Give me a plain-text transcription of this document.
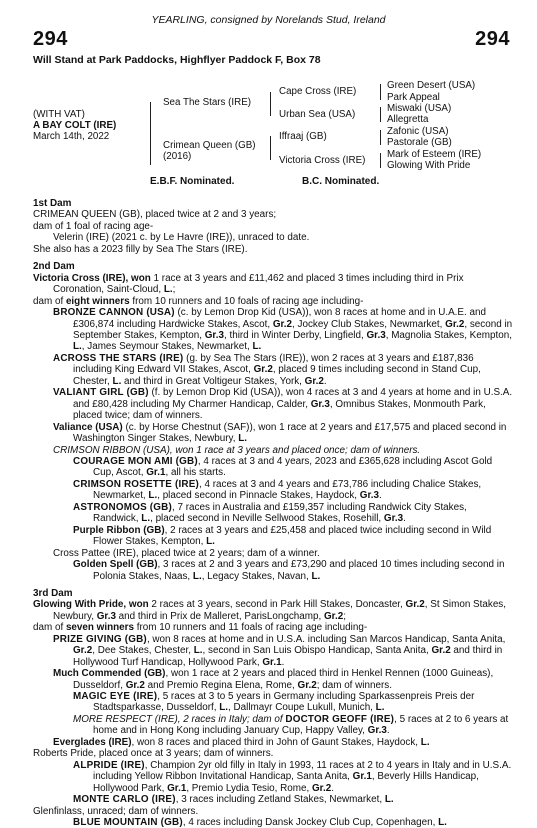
YEARLING, consigned by Norelands Stud, Ireland
294	294
Will Stand at Park Paddocks, Highflyer Paddock F, Box 78
(WITH VAT)
A BAY COLT (IRE)
March 14th, 2022
Sea The Stars (IRE)
Crimean Queen (GB)
(2016)
Cape Cross (IRE)
Urban Sea (USA)
Iffraaj (GB)
Victoria Cross (IRE)
Green Desert (USA)
Park Appeal
Miswaki (USA)
Allegretta
Zafonic (USA)
Pastorale (GB)
Mark of Esteem (IRE)
Glowing With Pride
E.B.F. Nominated.	B.C. Nominated.

1st Dam

CRIMEAN QUEEN (GB), placed twice at 2 and 3 years;

dam of 1 foal of racing age-

Velerin (IRE) (2021 c. by Le Havre (IRE)), unraced to date.

She also has a 2023 filly by Sea The Stars (IRE).

2nd Dam

Victoria Cross (IRE), won 1 race at 3 years and £11,462 and placed 3 times including third in Prix Coronation, Saint-Cloud, L.;

dam of eight winners from 10 runners and 10 foals of racing age including-

BRONZE CANNON (USA) (c. by Lemon Drop Kid (USA)), won 8 races at home and in U.A.E. and £306,874 including Hardwicke Stakes, Ascot, Gr.2, Jockey Club Stakes, Newmarket, Gr.2, second in September Stakes, Kempton, Gr.3, third in Winter Derby, Lingfield, Gr.3, Magnolia Stakes, Kempton, L., James Seymour Stakes, Newmarket, L.

ACROSS THE STARS (IRE) (g. by Sea The Stars (IRE)), won 2 races at 3 years and £187,836 including King Edward VII Stakes, Ascot, Gr.2, placed 9 times including second in Stand Cup, Chester, L. and third in Great Voltigeur Stakes, York, Gr.2.

VALIANT GIRL (GB) (f. by Lemon Drop Kid (USA)), won 4 races at 3 and 4 years at home and in U.S.A. and £80,428 including My Charmer Handicap, Calder, Gr.3, Omnibus Stakes, Monmouth Park, placed twice; dam of winners.

Valiance (USA) (c. by Horse Chestnut (SAF)), won 1 race at 2 years and £17,575 and placed second in Washington Singer Stakes, Newbury, L.

CRIMSON RIBBON (USA), won 1 race at 3 years and placed once; dam of winners.

COURAGE MON AMI (GB), 4 races at 3 and 4 years, 2023 and £365,628 including Ascot Gold Cup, Ascot, Gr.1, all his starts.

CRIMSON ROSETTE (IRE), 4 races at 3 and 4 years and £73,786 including Chalice Stakes, Newmarket, L., placed second in Pinnacle Stakes, Haydock, Gr.3.

ASTRONOMOS (GB), 7 races in Australia and £159,357 including Randwick City Stakes, Randwick, L., placed second in Neville Sellwood Stakes, Rosehill, Gr.3.

Purple Ribbon (GB), 2 races at 3 years and £25,458 and placed twice including second in Wild Flower Stakes, Kempton, L.

Cross Pattee (IRE), placed twice at 2 years; dam of a winner.

Golden Spell (GB), 3 races at 2 and 3 years and £73,290 and placed 10 times including second in Polonia Stakes, Naas, L., Legacy Stakes, Navan, L.

3rd Dam

Glowing With Pride, won 2 races at 3 years, second in Park Hill Stakes, Doncaster, Gr.2, St Simon Stakes, Newbury, Gr.3 and third in Prix de Malleret, ParisLongchamp, Gr.2;

dam of seven winners from 10 runners and 11 foals of racing age including-

PRIZE GIVING (GB), won 8 races at home and in U.S.A. including San Marcos Handicap, Santa Anita, Gr.2, Dee Stakes, Chester, L., second in San Luis Obispo Handicap, Santa Anita, Gr.2 and third in Hollywood Turf Handicap, Hollywood Park, Gr.1.

Much Commended (GB), won 1 race at 2 years and placed third in Henkel Rennen (1000 Guineas), Dusseldorf, Gr.2 and Premio Regina Elena, Rome, Gr.2; dam of winners.

MAGIC EYE (IRE), 5 races at 3 to 5 years in Germany including Sparkassenpreis Preis der Stadtsparkasse, Dusseldorf, L., Dallmayr Coupe Lukull, Munich, L.

MORE RESPECT (IRE), 2 races in Italy; dam of DOCTOR GEOFF (IRE), 5 races at 2 to 6 years at home and in Hong Kong including January Cup, Happy Valley, Gr.3.

Everglades (IRE), won 8 races and placed third in John of Gaunt Stakes, Haydock, L.

Roberts Pride, placed once at 3 years; dam of winners.

ALPRIDE (IRE), Champion 2yr old filly in Italy in 1993, 11 races at 2 to 4 years in Italy and in U.S.A. including Yellow Ribbon Invitational Handicap, Santa Anita, Gr.1, Beverly Hills Handicap, Hollywood Park, Gr.1, Premio Lydia Tesio, Rome, Gr.2.

MONTE CARLO (IRE), 3 races including Zetland Stakes, Newmarket, L.

Glenfinlass, unraced; dam of winners.

BLUE MOUNTAIN (GB), 4 races including Dansk Jockey Club Cup, Copenhagen, L.
